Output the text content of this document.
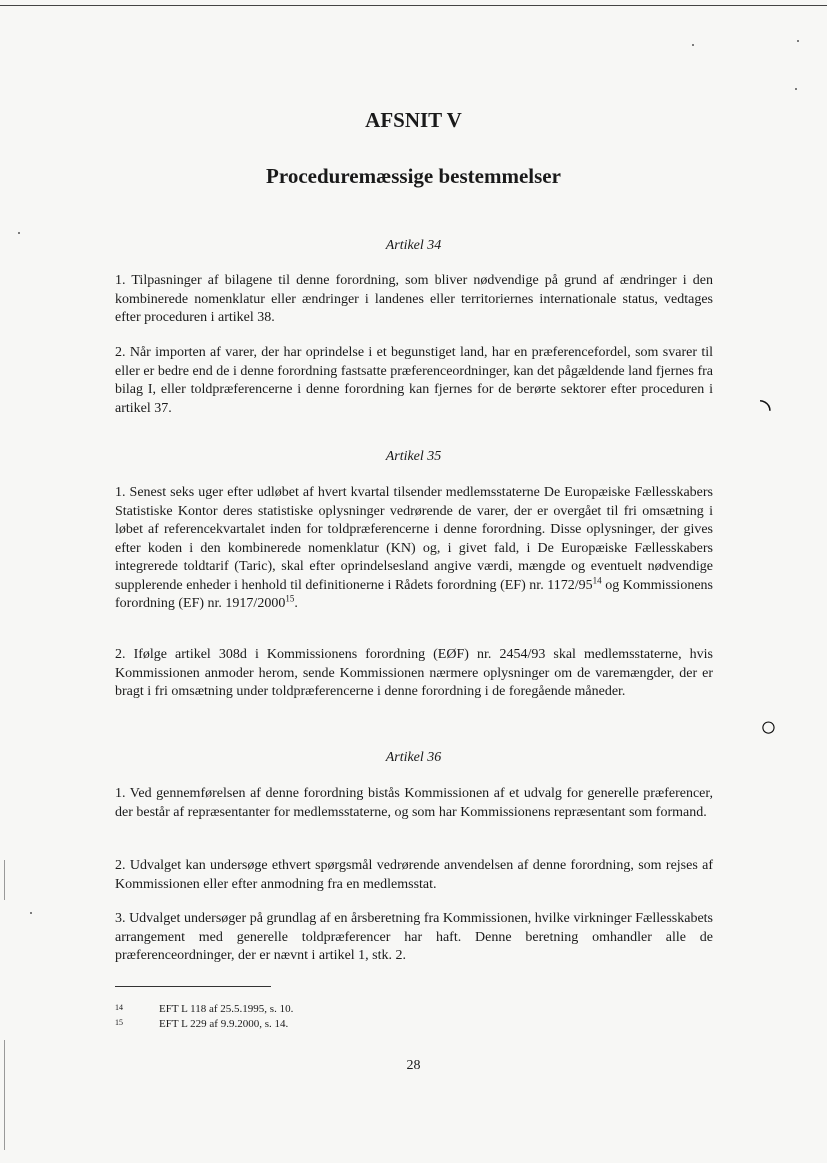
AFSNIT V
Proceduremæssige bestemmelser
Artikel 34
1. Tilpasninger af bilagene til denne forordning, som bliver nødvendige på grund af ændringer i den kombinerede nomenklatur eller ændringer i landenes eller territoriernes internationale status, vedtages efter proceduren i artikel 38.
2. Når importen af varer, der har oprindelse i et begunstiget land, har en præferencefordel, som svarer til eller er bedre end de i denne forordning fastsatte præferenceordninger, kan det pågældende land fjernes fra bilag I, eller toldpræferencerne i denne forordning kan fjernes for de berørte sektorer efter proceduren i artikel 37.
Artikel 35
1. Senest seks uger efter udløbet af hvert kvartal tilsender medlemsstaterne De Europæiske Fællesskabers Statistiske Kontor deres statistiske oplysninger vedrørende de varer, der er overgået til fri omsætning i løbet af referencekvartalet inden for toldpræferencerne i denne forordning. Disse oplysninger, der gives efter koden i den kombinerede nomenklatur (KN) og, i givet fald, i De Europæiske Fællesskabers integrerede toldtarif (Taric), skal efter oprindelsesland angive værdi, mængde og eventuelt nødvendige supplerende enheder i henhold til definitionerne i Rådets forordning (EF) nr. $1172/95^{14}$ og Kommissionens forordning (EF) nr. 1917/2000$^{15}$.
2. Ifølge artikel 308d i Kommissionens forordning (EØF) nr. 2454/93 skal medlemsstaterne, hvis Kommissionen anmoder herom, sende Kommissionen nærmere oplysninger om de varemængder, der er bragt i fri omsætning under toldpræferencerne i denne forordning i de foregående måneder.
Artikel 36
1. Ved gennemførelsen af denne forordning bistås Kommissionen af et udvalg for generelle præferencer, der består af repræsentanter for medlemsstaterne, og som har Kommissionens repræsentant som formand.
2. Udvalget kan undersøge ethvert spørgsmål vedrørende anvendelsen af denne forordning, som rejses af Kommissionen eller efter anmodning fra en medlemsstat.
3. Udvalget undersøger på grundlag af en årsberetning fra Kommissionen, hvilke virkninger Fællesskabets arrangement med generelle toldpræferencer har haft. Denne beretning omhandler alle de præferenceordninger, der er nævnt i artikel 1, stk. 2.
14	EFT L 118 af 25.5.1995, s. 10.
15	EFT L 229 af 9.9.2000, s. 14.
28
◝
○
